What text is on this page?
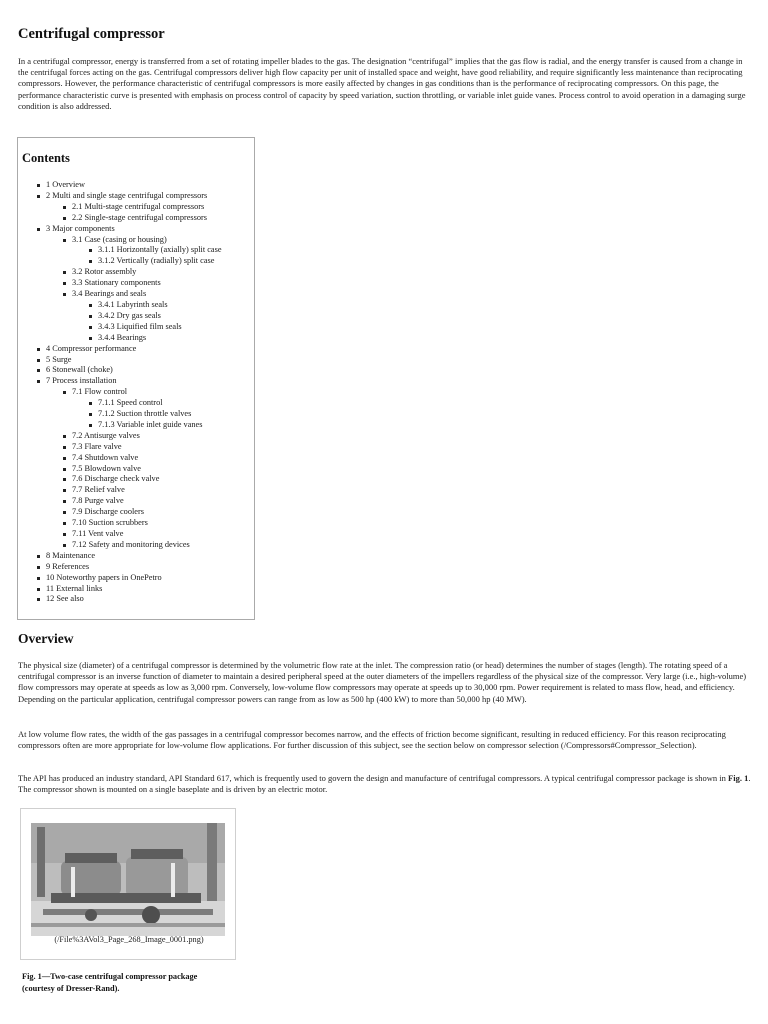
Centrifugal compressor

In a centrifugal compressor, energy is transferred from a set of rotating impeller blades to the gas. The designation “centrifugal” implies that the gas flow is radial, and the energy transfer is caused from a change in the centrifugal forces acting on the gas. Centrifugal compressors deliver high flow capacity per unit of installed space and weight, have good reliability, and require significantly less maintenance than reciprocating compressors. However, the performance characteristic of centrifugal compressors is more easily affected by changes in gas conditions than is the performance of reciprocating compressors. On this page, the performance characteristic curve is presented with emphasis on process control of capacity by speed variation, suction throttling, or variable inlet guide vanes. Process control to avoid operation in a damaging surge condition is also addressed.

Contents
1 Overview
2 Multi and single stage centrifugal compressors
2.1 Multi-stage centrifugal compressors
2.2 Single-stage centrifugal compressors
3 Major components
3.1 Case (casing or housing)
3.1.1 Horizontally (axially) split case
3.1.2 Vertically (radially) split case
3.2 Rotor assembly
3.3 Stationary components
3.4 Bearings and seals
3.4.1 Labyrinth seals
3.4.2 Dry gas seals
3.4.3 Liquified film seals
3.4.4 Bearings
4 Compressor performance
5 Surge
6 Stonewall (choke)
7 Process installation
7.1 Flow control
7.1.1 Speed control
7.1.2 Suction throttle valves
7.1.3 Variable inlet guide vanes
7.2 Antisurge valves
7.3 Flare valve
7.4 Shutdown valve
7.5 Blowdown valve
7.6 Discharge check valve
7.7 Relief valve
7.8 Purge valve
7.9 Discharge coolers
7.10 Suction scrubbers
7.11 Vent valve
7.12 Safety and monitoring devices
8 Maintenance
9 References
10 Noteworthy papers in OnePetro
11 External links
12 See also
Overview

The physical size (diameter) of a centrifugal compressor is determined by the volumetric flow rate at the inlet. The compression ratio (or head) determines the number of stages (length). The rotating speed of a centrifugal compressor is an inverse function of diameter to maintain a desired peripheral speed at the outer diameters of the impellers regardless of the physical size of the compressor. Very large (i.e., high-volume) flow compressors may operate at speeds as low as 3,000 rpm. Conversely, low-volume flow compressors may operate at speeds up to 30,000 rpm. Power requirement is related to mass flow, head, and efficiency. Depending on the particular application, centrifugal compressor powers can range from as low as 500 hp (400 kW) to more than 50,000 hp (40 MW).

At low volume flow rates, the width of the gas passages in a centrifugal compressor becomes narrow, and the effects of friction become significant, resulting in reduced efficiency. For this reason reciprocating compressors often are more appropriate for low-volume flow applications. For further discussion of this subject, see the section below on compressor selection (/Compressors#Compressor_Selection).

The API has produced an industry standard, API Standard 617, which is frequently used to govern the design and manufacture of centrifugal compressors. A typical centrifugal compressor package is shown in Fig. 1. The compressor shown is mounted on a single baseplate and is driven by an electric motor.

(/File%3AVol3_Page_268_Image_0001.png)

Fig. 1—Two-case centrifugal compressor package (courtesy of Dresser-Rand).
